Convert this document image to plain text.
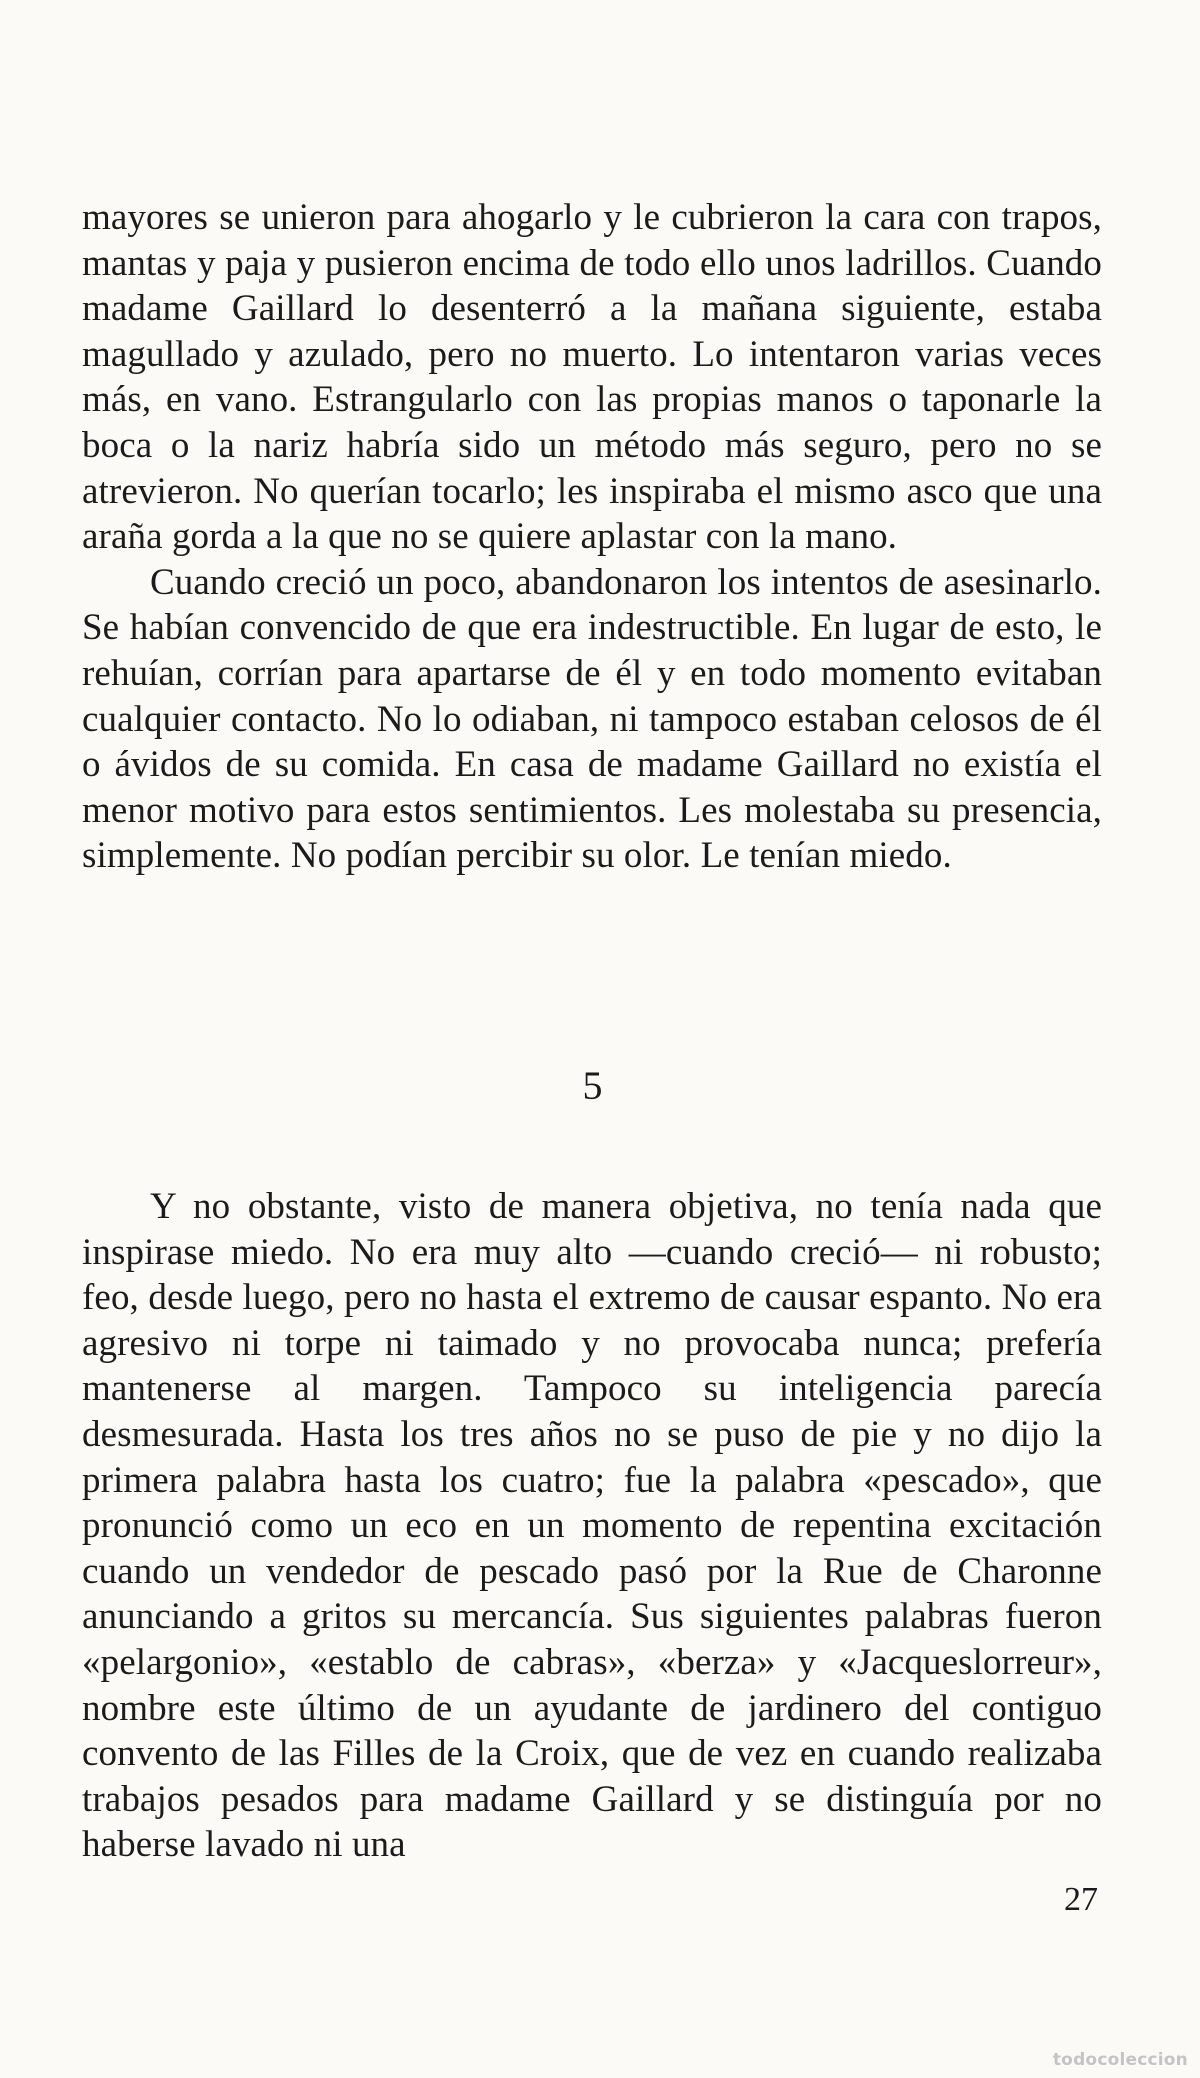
mayores se unieron para ahogarlo y le cubrieron la cara con trapos, mantas y paja y pusieron encima de todo ello unos ladrillos. Cuando madame Gaillard lo desenterró a la mañana siguiente, estaba magullado y azulado, pero no muerto. Lo intentaron varias veces más, en vano. Estrangularlo con las propias manos o taponarle la boca o la nariz habría sido un método más seguro, pero no se atrevieron. No querían tocarlo; les inspiraba el mismo asco que una araña gorda a la que no se quiere aplastar con la mano.

Cuando creció un poco, abandonaron los intentos de asesinarlo. Se habían convencido de que era indestructible. En lugar de esto, le rehuían, corrían para apartarse de él y en todo momento evitaban cualquier contacto. No lo odiaban, ni tampoco estaban celosos de él o ávidos de su comida. En casa de madame Gaillard no existía el menor motivo para estos sentimientos. Les molestaba su presencia, simplemente. No podían percibir su olor. Le tenían miedo.

5

Y no obstante, visto de manera objetiva, no tenía nada que inspirase miedo. No era muy alto —cuando creció— ni robusto; feo, desde luego, pero no hasta el extremo de causar espanto. No era agresivo ni torpe ni taimado y no provocaba nunca; prefería mantenerse al margen. Tampoco su inteligencia parecía desmesurada. Hasta los tres años no se puso de pie y no dijo la primera palabra hasta los cuatro; fue la palabra «pescado», que pronunció como un eco en un momento de repentina excitación cuando un vendedor de pescado pasó por la Rue de Charonne anunciando a gritos su mercancía. Sus siguientes palabras fueron «pelargonio», «establo de cabras», «berza» y «Jacqueslorreur», nombre este último de un ayudante de jardinero del contiguo convento de las Filles de la Croix, que de vez en cuando realizaba trabajos pesados para madame Gaillard y se distinguía por no haberse lavado ni una

27
todocoleccion
